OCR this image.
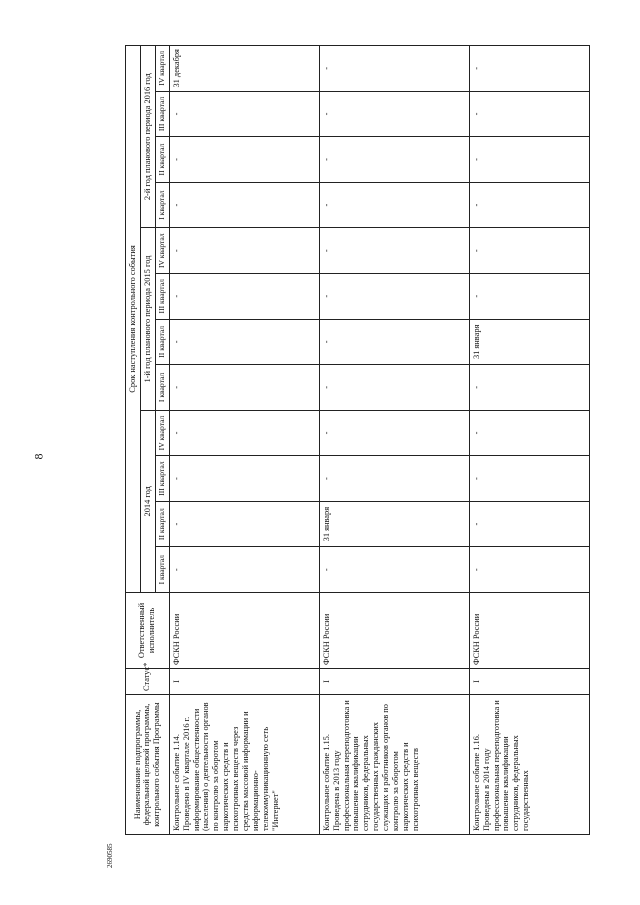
8
Наименование подпрограммы, федеральной целевой программы, контрольного события Программы	Статус*	Ответственный исполнитель	Срок наступления контрольного события											
			2014 год				1-й год планового периода 2015 год				2-й год планового периода 2016 год			
			I квартал	II квартал	III квартал	IV квартал	I квартал	II квартал	III квартал	IV квартал	I квартал	II квартал	III квартал	IV квартал
Контрольное событие 1.14. Проведено в IV квартале 2016 г. информирование общественности (населения) о деятельности органов по контролю за оборотом наркотических средств и психотропных веществ через средства массовой информации и информационно-телекоммуникационную сеть "Интернет"	I	ФСКН России	-	-	-	-	-	-	-	-	-	-	-	31 декабря
Контрольное событие 1.15. Проведена в 2013 году профессиональная переподготовка и повышение квалификации сотрудников, федеральных государственных гражданских служащих и работников органов по контролю за оборотом наркотических средств и психотропных веществ	I	ФСКН России	-	31 января	-	-	-	-	-	-	-	-	-	-
Контрольное событие 1.16. Проведены в 2014 году профессиональная переподготовка и повышение квалификации сотрудников, федеральных государственных	I	ФСКН России	-	-	-	-	-	31 января	-	-	-	-	-	-
2690585
